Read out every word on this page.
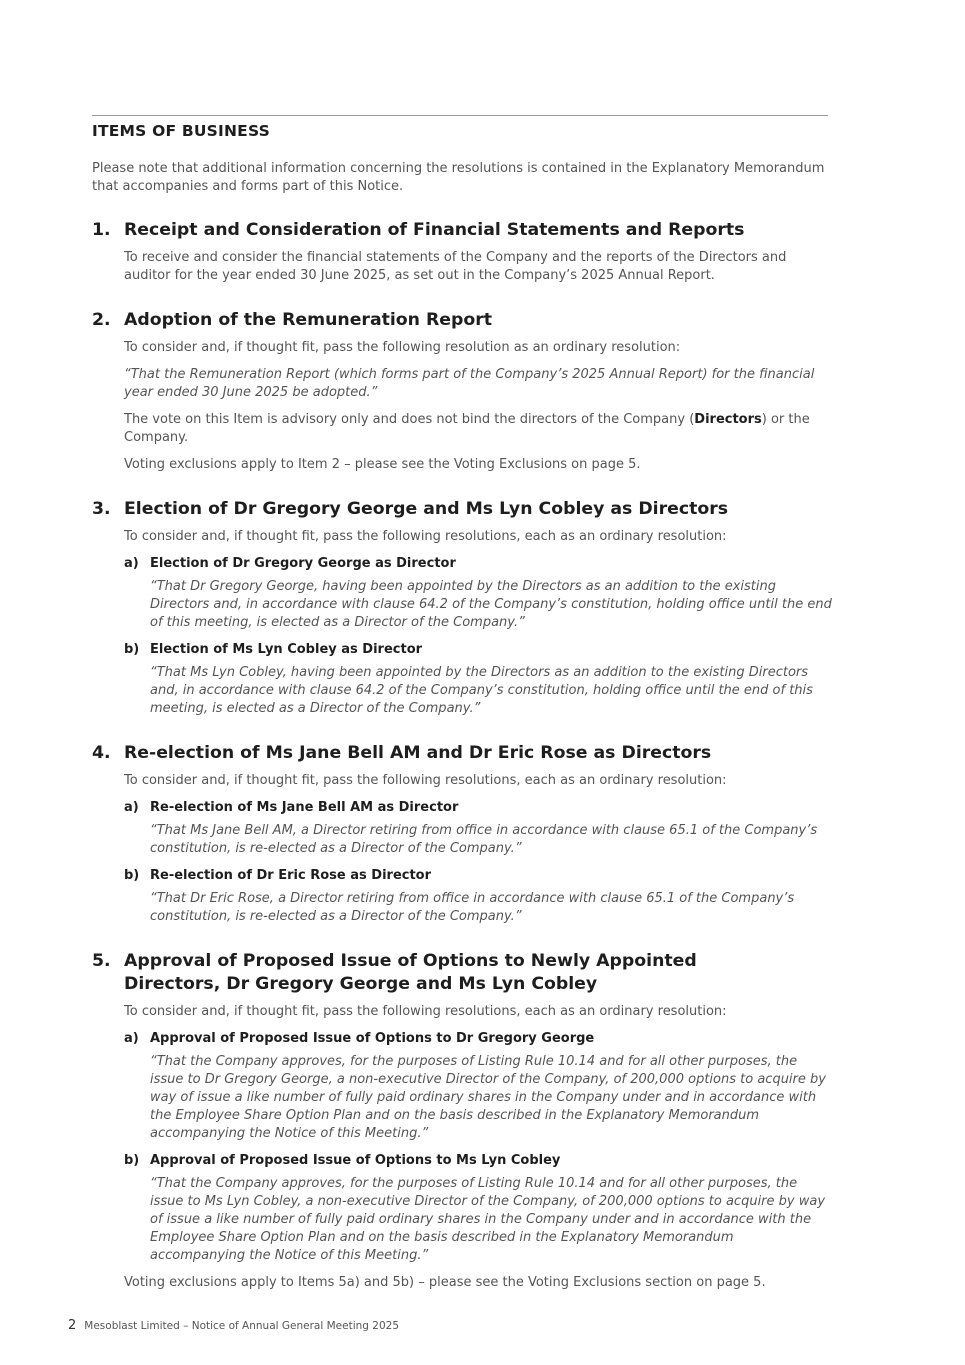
ITEMS OF BUSINESS

Please note that additional information concerning the resolutions is contained in the Explanatory Memorandum that accompanies and forms part of this Notice.

1. Receipt and Consideration of Financial Statements and Reports

To receive and consider the financial statements of the Company and the reports of the Directors and auditor for the year ended 30 June 2025, as set out in the Company’s 2025 Annual Report.

2. Adoption of the Remuneration Report

To consider and, if thought fit, pass the following resolution as an ordinary resolution:

“That the Remuneration Report (which forms part of the Company’s 2025 Annual Report) for the financial year ended 30 June 2025 be adopted.”

The vote on this Item is advisory only and does not bind the directors of the Company (Directors) or the Company.

Voting exclusions apply to Item 2 – please see the Voting Exclusions on page 5.

3. Election of Dr Gregory George and Ms Lyn Cobley as Directors

To consider and, if thought fit, pass the following resolutions, each as an ordinary resolution:

a) Election of Dr Gregory George as Director

“That Dr Gregory George, having been appointed by the Directors as an addition to the existing Directors and, in accordance with clause 64.2 of the Company’s constitution, holding office until the end of this meeting, is elected as a Director of the Company.”

b) Election of Ms Lyn Cobley as Director

“That Ms Lyn Cobley, having been appointed by the Directors as an addition to the existing Directors and, in accordance with clause 64.2 of the Company’s constitution, holding office until the end of this meeting, is elected as a Director of the Company.”

4. Re-election of Ms Jane Bell AM and Dr Eric Rose as Directors

To consider and, if thought fit, pass the following resolutions, each as an ordinary resolution:

a) Re-election of Ms Jane Bell AM as Director

“That Ms Jane Bell AM, a Director retiring from office in accordance with clause 65.1 of the Company’s constitution, is re-elected as a Director of the Company.”

b) Re-election of Dr Eric Rose as Director

“That Dr Eric Rose, a Director retiring from office in accordance with clause 65.1 of the Company’s constitution, is re-elected as a Director of the Company.”

5. Approval of Proposed Issue of Options to Newly Appointed Directors, Dr Gregory George and Ms Lyn Cobley

To consider and, if thought fit, pass the following resolutions, each as an ordinary resolution:

a) Approval of Proposed Issue of Options to Dr Gregory George

“That the Company approves, for the purposes of Listing Rule 10.14 and for all other purposes, the issue to Dr Gregory George, a non-executive Director of the Company, of 200,000 options to acquire by way of issue a like number of fully paid ordinary shares in the Company under and in accordance with the Employee Share Option Plan and on the basis described in the Explanatory Memorandum accompanying the Notice of this Meeting.”

b) Approval of Proposed Issue of Options to Ms Lyn Cobley

“That the Company approves, for the purposes of Listing Rule 10.14 and for all other purposes, the issue to Ms Lyn Cobley, a non-executive Director of the Company, of 200,000 options to acquire by way of issue a like number of fully paid ordinary shares in the Company under and in accordance with the Employee Share Option Plan and on the basis described in the Explanatory Memorandum accompanying the Notice of this Meeting.”

Voting exclusions apply to Items 5a) and 5b) – please see the Voting Exclusions section on page 5.

2 Mesoblast Limited – Notice of Annual General Meeting 2025
